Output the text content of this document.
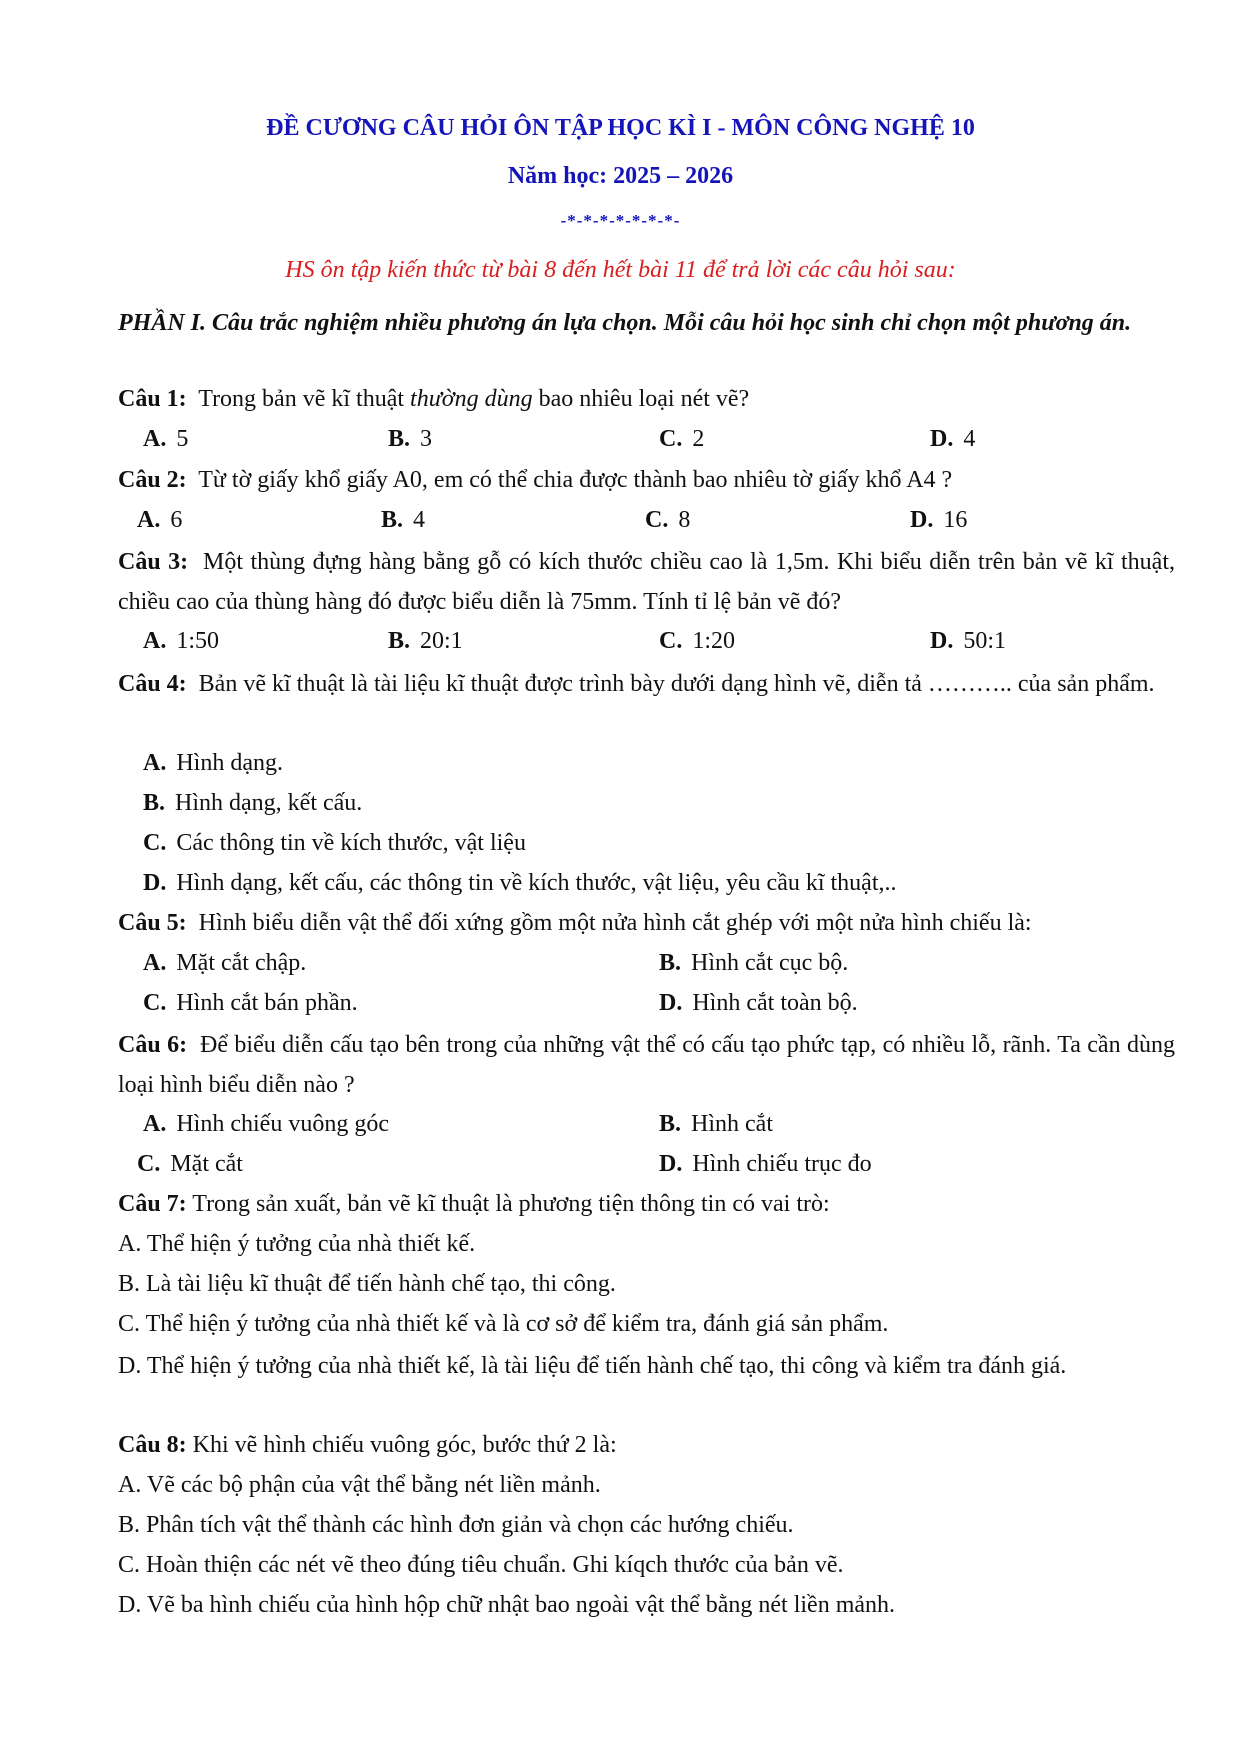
ĐỀ CƯƠNG CÂU HỎI ÔN TẬP HỌC KÌ I - MÔN CÔNG NGHỆ 10
Năm học: 2025 – 2026
-*-*-*-*-*-*-*-
HS ôn tập kiến thức từ bài 8 đến hết bài 11 để trả lời các câu hỏi sau:
PHẦN I. Câu trắc nghiệm nhiều phương án lựa chọn. Mỗi câu hỏi học sinh chỉ chọn một phương án.
Câu 1: Trong bản vẽ kĩ thuật thường dùng bao nhiêu loại nét vẽ?
A. 5	B. 3	C. 2	D. 4
Câu 2: Từ tờ giấy khổ giấy A0, em có thể chia được thành bao nhiêu tờ giấy khổ A4 ?
A. 6	B. 4	C. 8	D. 16
Câu 3: Một thùng đựng hàng bằng gỗ có kích thước chiều cao là 1,5m. Khi biểu diễn trên bản vẽ kĩ thuật, chiều cao của thùng hàng đó được biểu diễn là 75mm. Tính tỉ lệ bản vẽ đó?
A. 1:50	B. 20:1	C. 1:20	D. 50:1
Câu 4: Bản vẽ kĩ thuật là tài liệu kĩ thuật được trình bày dưới dạng hình vẽ, diễn tả ……….. của sản phẩm.
A. Hình dạng.
B. Hình dạng, kết cấu.
C. Các thông tin về kích thước, vật liệu
D. Hình dạng, kết cấu, các thông tin về kích thước, vật liệu, yêu cầu kĩ thuật,..
Câu 5: Hình biểu diễn vật thể đối xứng gồm một nửa hình cắt ghép với một nửa hình chiếu là:
A. Mặt cắt chập.	B. Hình cắt cục bộ.
C. Hình cắt bán phần.	D. Hình cắt toàn bộ.
Câu 6: Để biểu diễn cấu tạo bên trong của những vật thể có cấu tạo phức tạp, có nhiều lỗ, rãnh. Ta cần dùng loại hình biểu diễn nào ?
A. Hình chiếu vuông góc	B. Hình cắt
C. Mặt cắt	D. Hình chiếu trục đo
Câu 7: Trong sản xuất, bản vẽ kĩ thuật là phương tiện thông tin có vai trò:
A. Thể hiện ý tưởng của nhà thiết kế.
B. Là tài liệu kĩ thuật để tiến hành chế tạo, thi công.
C. Thể hiện ý tưởng của nhà thiết kế và là cơ sở để kiểm tra, đánh giá sản phẩm.
D. Thể hiện ý tưởng của nhà thiết kế, là tài liệu để tiến hành chế tạo, thi công và kiểm tra đánh giá.
Câu 8: Khi vẽ hình chiếu vuông góc, bước thứ 2 là:
A. Vẽ các bộ phận của vật thể bằng nét liền mảnh.
B. Phân tích vật thể thành các hình đơn giản và chọn các hướng chiếu.
C. Hoàn thiện các nét vẽ theo đúng tiêu chuẩn. Ghi kíqch thước của bản vẽ.
D. Vẽ ba hình chiếu của hình hộp chữ nhật bao ngoài vật thể bằng nét liền mảnh.
